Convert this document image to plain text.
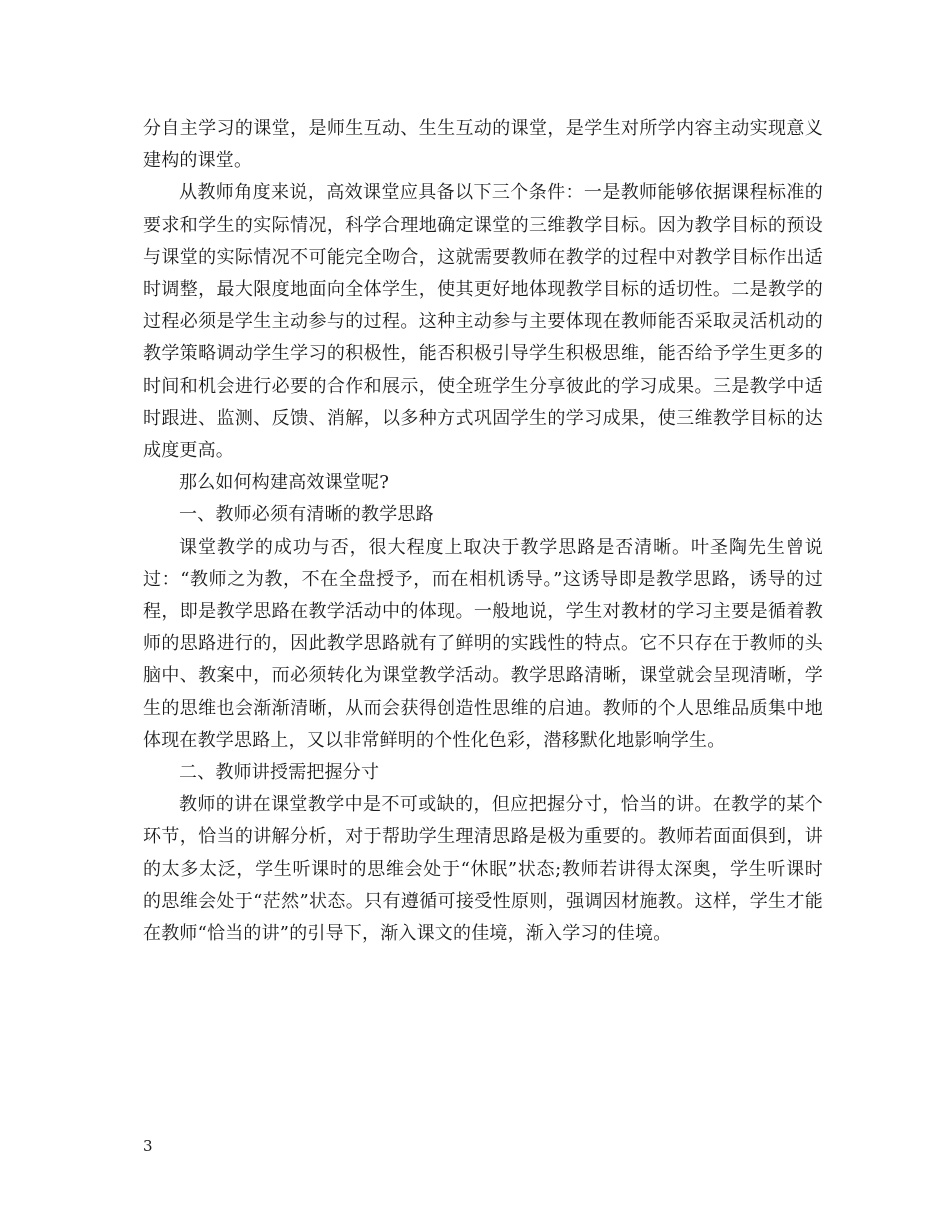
分自主学习的课堂，是师生互动、生生互动的课堂，是学生对所学内容主动实现意义建构的课堂。

从教师角度来说，高效课堂应具备以下三个条件：一是教师能够依据课程标准的要求和学生的实际情况，科学合理地确定课堂的三维教学目标。因为教学目标的预设与课堂的实际情况不可能完全吻合，这就需要教师在教学的过程中对教学目标作出适时调整，最大限度地面向全体学生，使其更好地体现教学目标的适切性。二是教学的过程必须是学生主动参与的过程。这种主动参与主要体现在教师能否采取灵活机动的教学策略调动学生学习的积极性，能否积极引导学生积极思维，能否给予学生更多的时间和机会进行必要的合作和展示，使全班学生分享彼此的学习成果。三是教学中适时跟进、监测、反馈、消解，以多种方式巩固学生的学习成果，使三维教学目标的达成度更高。

那么如何构建高效课堂呢?

一、教师必须有清晰的教学思路

课堂教学的成功与否，很大程度上取决于教学思路是否清晰。叶圣陶先生曾说过：“教师之为教，不在全盘授予，而在相机诱导。”这诱导即是教学思路，诱导的过程，即是教学思路在教学活动中的体现。一般地说，学生对教材的学习主要是循着教师的思路进行的，因此教学思路就有了鲜明的实践性的特点。它不只存在于教师的头脑中、教案中，而必须转化为课堂教学活动。教学思路清晰，课堂就会呈现清晰，学生的思维也会渐渐清晰，从而会获得创造性思维的启迪。教师的个人思维品质集中地体现在教学思路上，又以非常鲜明的个性化色彩，潜移默化地影响学生。

二、教师讲授需把握分寸

教师的讲在课堂教学中是不可或缺的，但应把握分寸，恰当的讲。在教学的某个环节，恰当的讲解分析，对于帮助学生理清思路是极为重要的。教师若面面俱到，讲的太多太泛，学生听课时的思维会处于“休眠”状态;教师若讲得太深奥，学生听课时的思维会处于“茫然”状态。只有遵循可接受性原则，强调因材施教。这样，学生才能在教师“恰当的讲”的引导下，渐入课文的佳境，渐入学习的佳境。

3
